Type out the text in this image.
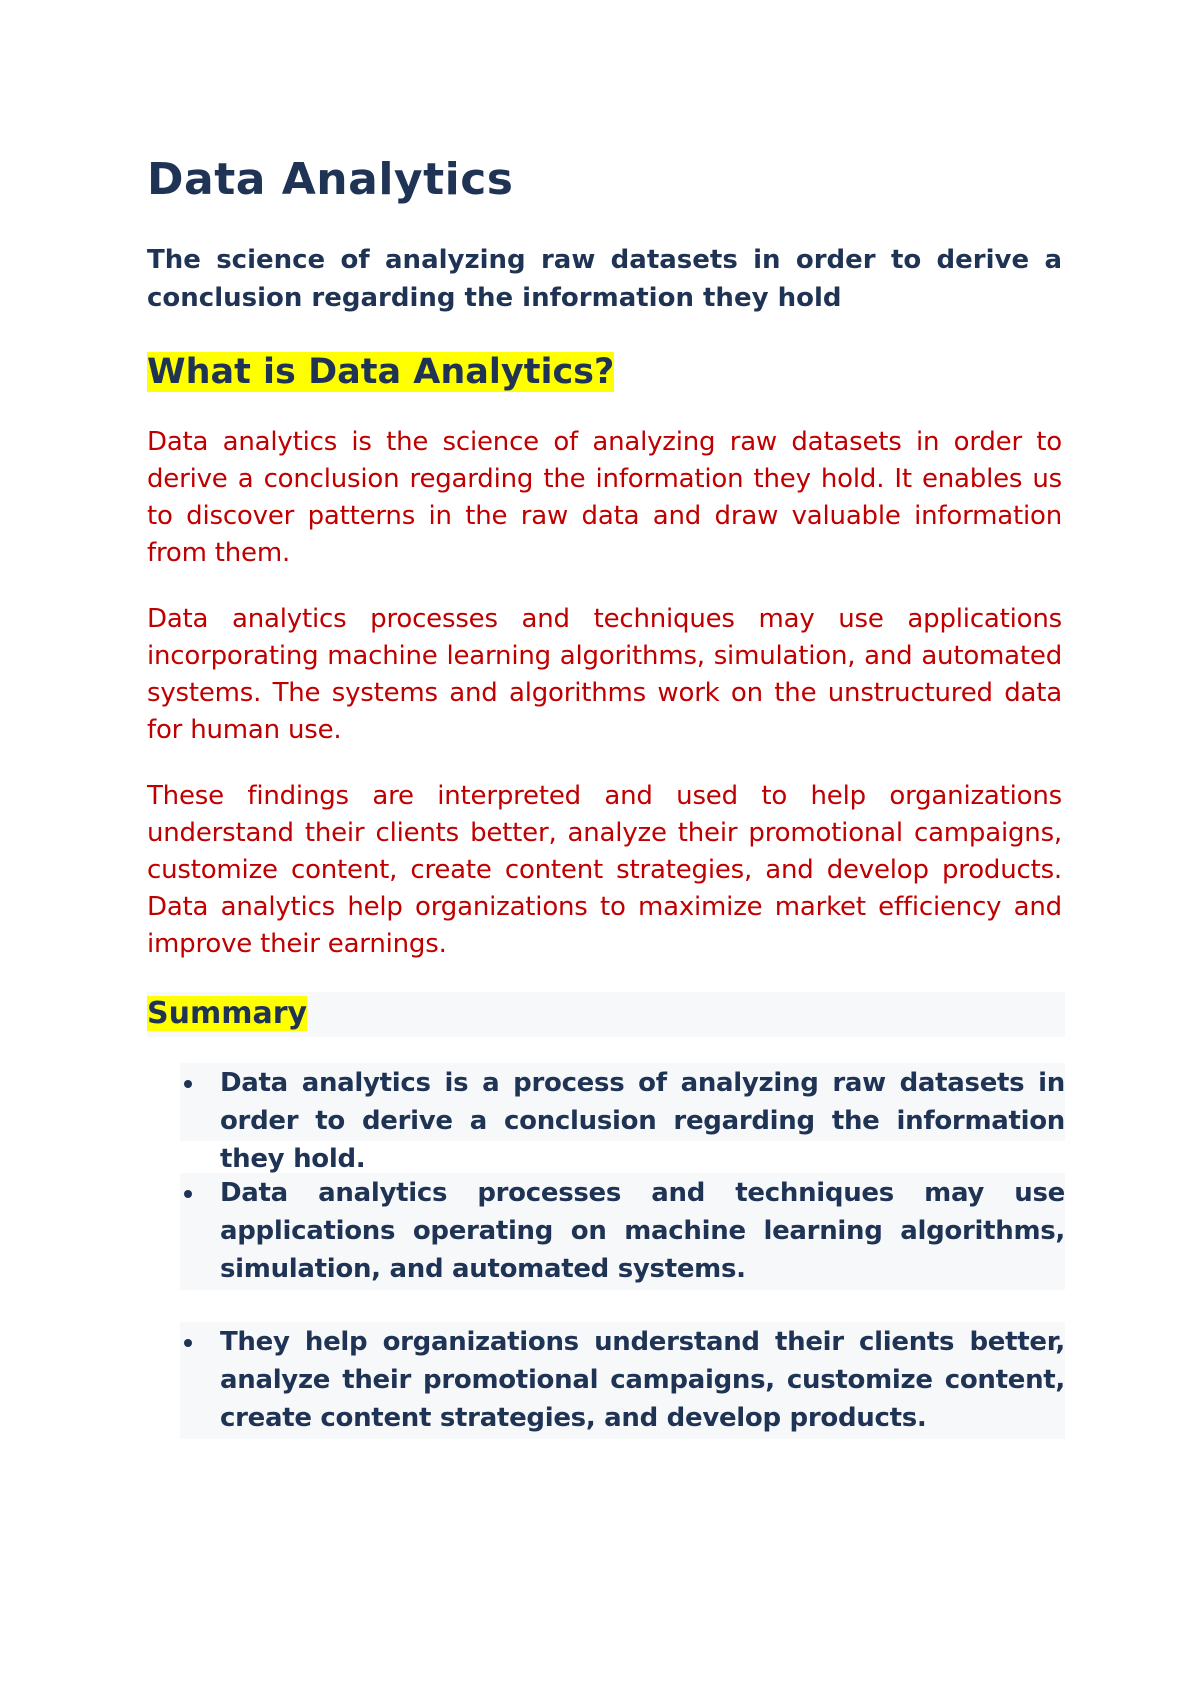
Data Analytics

The science of analyzing raw datasets in order to derive a conclusion regarding the information they hold

What is Data Analytics?

Data analytics is the science of analyzing raw datasets in order to derive a conclusion regarding the information they hold. It enables us to discover patterns in the raw data and draw valuable information from them.

Data analytics processes and techniques may use applications incorporating machine learning algorithms, simulation, and automated systems. The systems and algorithms work on the unstructured data for human use.

These findings are interpreted and used to help organizations understand their clients better, analyze their promotional campaigns, customize content, create content strategies, and develop products. Data analytics help organizations to maximize market efficiency and improve their earnings.

Summary
Data analytics is a process of analyzing raw datasets in order to derive a conclusion regarding the information they hold.
Data analytics processes and techniques may use applications operating on machine learning algorithms, simulation, and automated systems.
They help organizations understand their clients better, analyze their promotional campaigns, customize content, create content strategies, and develop products.
